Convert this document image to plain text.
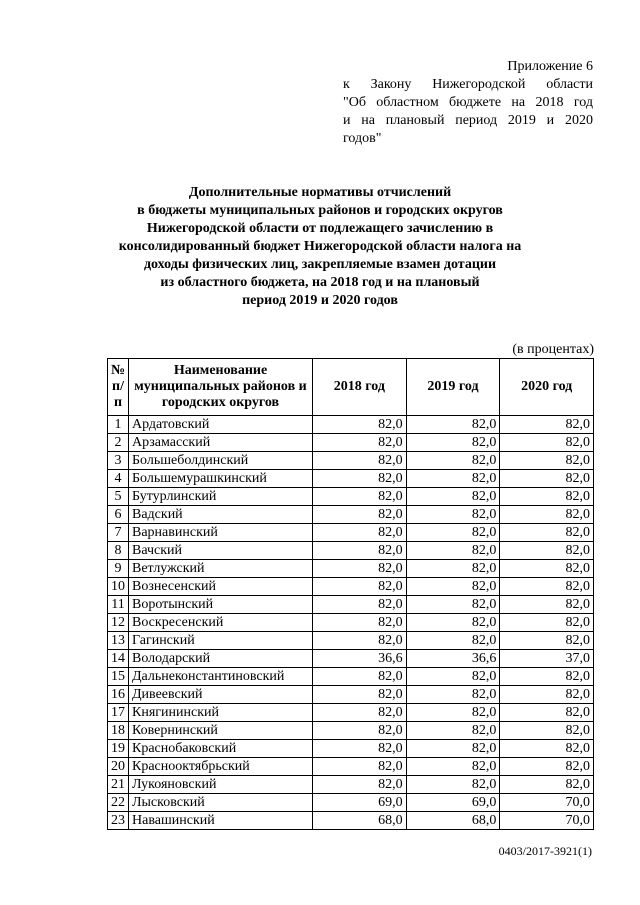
Приложение 6
к Закону Нижегородской области
"Об областном бюджете на 2018 год
и на плановый период 2019 и 2020
годов"
Дополнительные нормативы отчислений
в бюджеты муниципальных районов и городских округов
Нижегородской области от подлежащего зачислению в
консолидированный бюджет Нижегородской области налога на
доходы физических лиц, закрепляемые взамен дотации
из областного бюджета, на 2018 год и на плановый
период 2019 и 2020 годов
(в процентах)
№ п/п	Наименование муниципальных районов и городских округов	2018 год	2019 год	2020 год
1	Ардатовский	82,0	82,0	82,0
2	Арзамасский	82,0	82,0	82,0
3	Большеболдинский	82,0	82,0	82,0
4	Большемурашкинский	82,0	82,0	82,0
5	Бутурлинский	82,0	82,0	82,0
6	Вадский	82,0	82,0	82,0
7	Варнавинский	82,0	82,0	82,0
8	Вачский	82,0	82,0	82,0
9	Ветлужский	82,0	82,0	82,0
10	Вознесенский	82,0	82,0	82,0
11	Воротынский	82,0	82,0	82,0
12	Воскресенский	82,0	82,0	82,0
13	Гагинский	82,0	82,0	82,0
14	Володарский	36,6	36,6	37,0
15	Дальнеконстантиновский	82,0	82,0	82,0
16	Дивеевский	82,0	82,0	82,0
17	Княгининский	82,0	82,0	82,0
18	Ковернинский	82,0	82,0	82,0
19	Краснобаковский	82,0	82,0	82,0
20	Краснооктябрьский	82,0	82,0	82,0
21	Лукояновский	82,0	82,0	82,0
22	Лысковский	69,0	69,0	70,0
23	Навашинский	68,0	68,0	70,0
0403/2017-3921(1)
